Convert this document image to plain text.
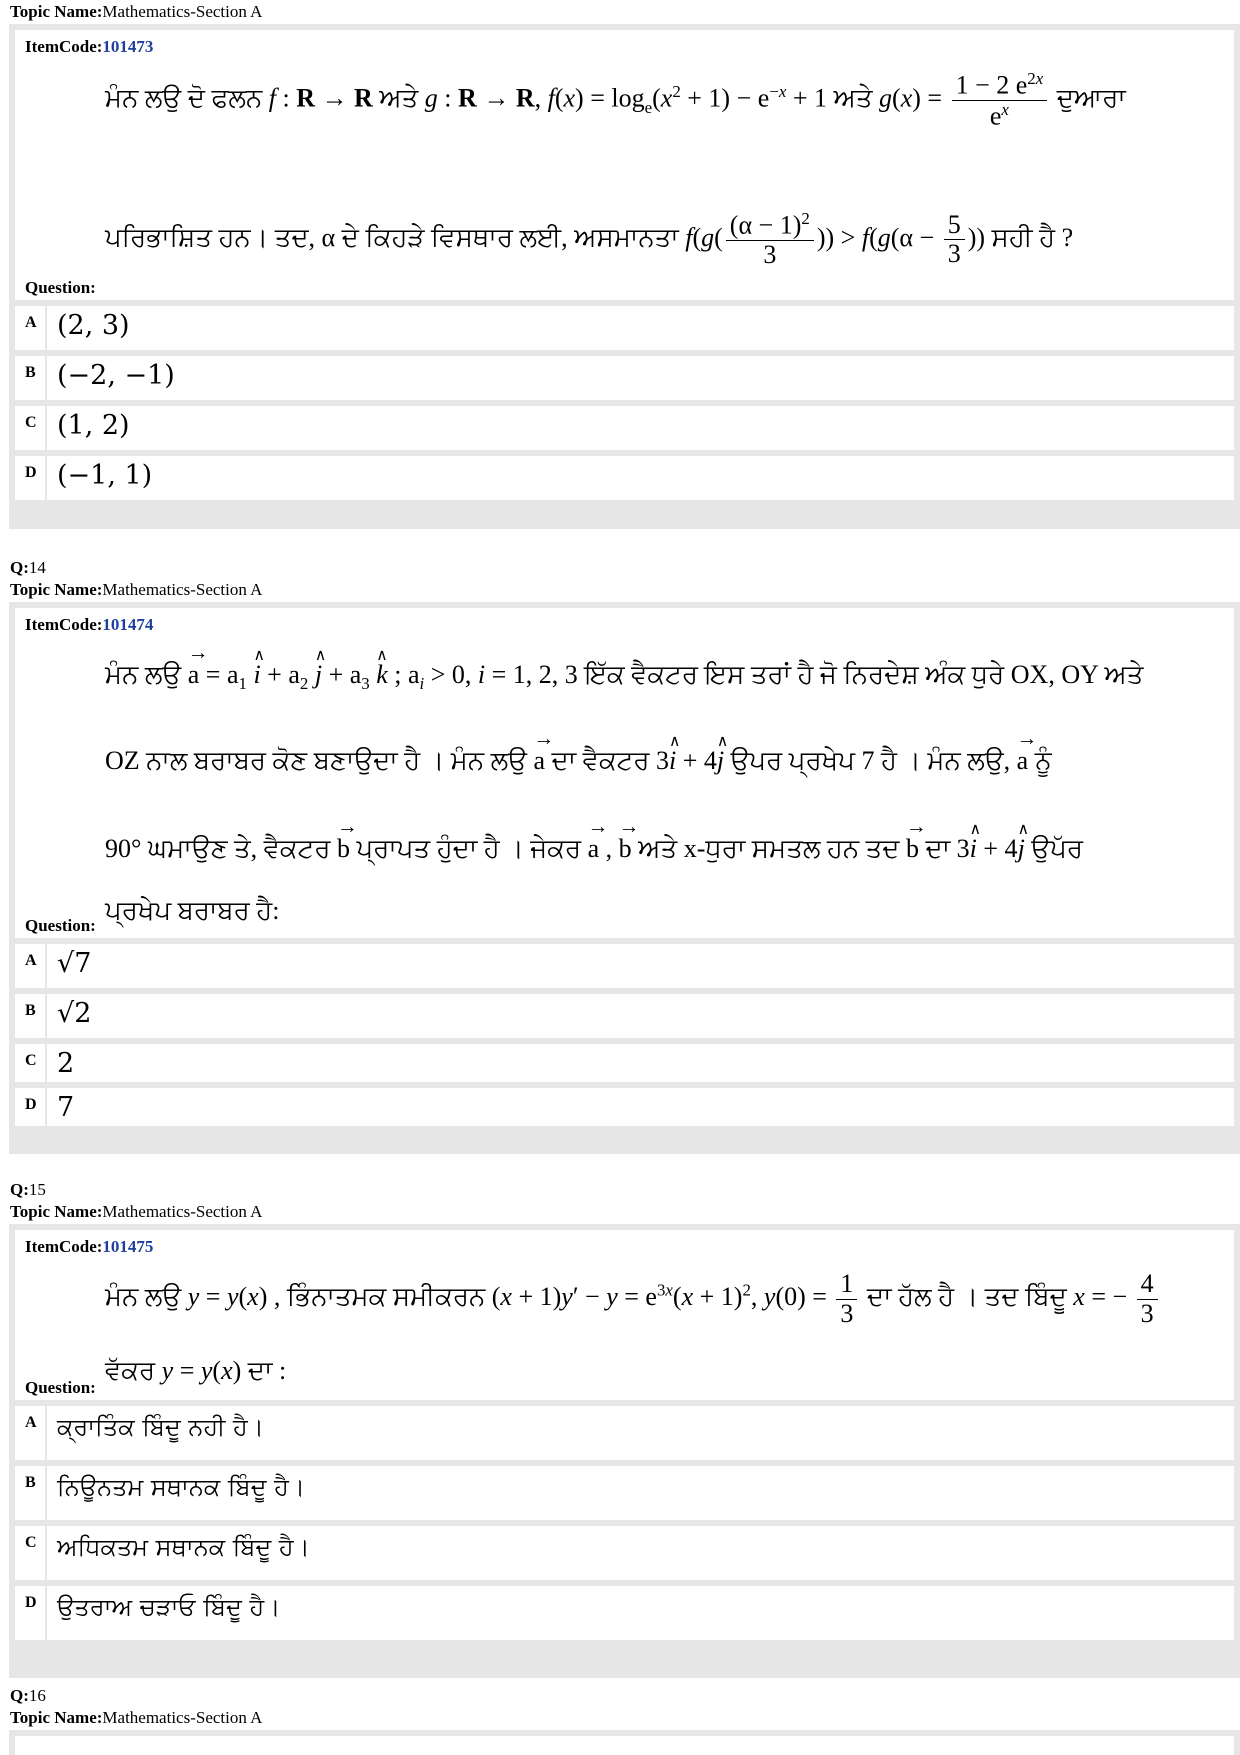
Topic Name:Mathematics-Section A
ItemCode:101473
ਮੰਨ ਲਉ ਦੋ ਫਲਨ f : R → R ਅਤੇ g : R → R, $f(x) = \log_e(x^2 + 1) - e^{-x} + 1$ ਅਤੇ $g(x) = \frac{1 - 2 e^{2x}}{e^x}$ ਦੁਆਰਾ
ਪਰਿਭਾਸ਼ਿਤ ਹਨ। ਤਦ, α ਦੇ ਕਿਹੜੇ ਵਿਸਥਾਰ ਲਈ, ਅਸਮਾਨਤਾ $f(g( \frac{(\alpha - 1)^2}{3}$ )) > $f(g(\alpha - \frac{5}{3}$ )) ਸਹੀ ਹੈ ?
Question:
A (2, 3)
B (−2, −1)
C (1, 2)
D (−1, 1)
Q:14
Topic Name:Mathematics-Section A
ItemCode:101474
ਮੰਨ ਲਉ → $a = a_1$ ∧ $i + a_2$ ∧ $j + a_3$ ∧ k ; $a_i > 0$, i = 1, 2, 3 ਇੱਕ ਵੈਕਟਰ ਇਸ ਤਰਾਂ ਹੈ ਜੋ ਨਿਰਦੇਸ਼ ਅੰਕ ਧੁਰੇ OX, OY ਅਤੇ
OZ ਨਾਲ ਬਰਾਬਰ ਕੋਣ ਬਣਾਉਦਾ ਹੈ । ਮੰਨ ਲਉ → a ਦਾ ਵੈਕਟਰ 3∧ i + 4∧ j ਉਪਰ ਪ੍ਰਖੇਪ 7 ਹੈ । ਮੰਨ ਲਉ, → a ਨੂੰ
90° ਘਮਾਉਣ ਤੇ, ਵੈਕਟਰ → b ਪ੍ਰਾਪਤ ਹੁੰਦਾ ਹੈ । ਜੇਕਰ → a , → b ਅਤੇ x-ਧੁਰਾ ਸਮਤਲ ਹਨ ਤਦ → b ਦਾ 3∧ i + 4∧ j ਉਪੱਰ
ਪ੍ਰਖੇਪ ਬਰਾਬਰ ਹੈ:
Question:
A √7
B √2
C 2
D 7
Q:15
Topic Name:Mathematics-Section A
ItemCode:101475
ਮੰਨ ਲਉ y = y(x) , ਭਿੰਨਾਤਮਕ ਸਮੀਕਰਨ $(x + 1)y' - y = e^{3x}(x + 1)^2$, $y(0) = \frac{1}{3}$ ਦਾ ਹੱਲ ਹੈ । ਤਦ ਬਿੰਦੂ x = − $\frac{4}{3}$
ਵੱਕਰ y = y(x) ਦਾ :
Question:
A ਕ੍ਰਾਤਿੰਕ ਬਿੰਦੂ ਨਹੀ ਹੈ।
B ਨਿਊਨਤਮ ਸਥਾਨਕ ਬਿੰਦੂ ਹੈ।
C ਅਧਿਕਤਮ ਸਥਾਨਕ ਬਿੰਦੂ ਹੈ।
D ਉਤਰਾਅ ਚੜਾਓ ਬਿੰਦੂ ਹੈ।
Q:16
Topic Name:Mathematics-Section A
